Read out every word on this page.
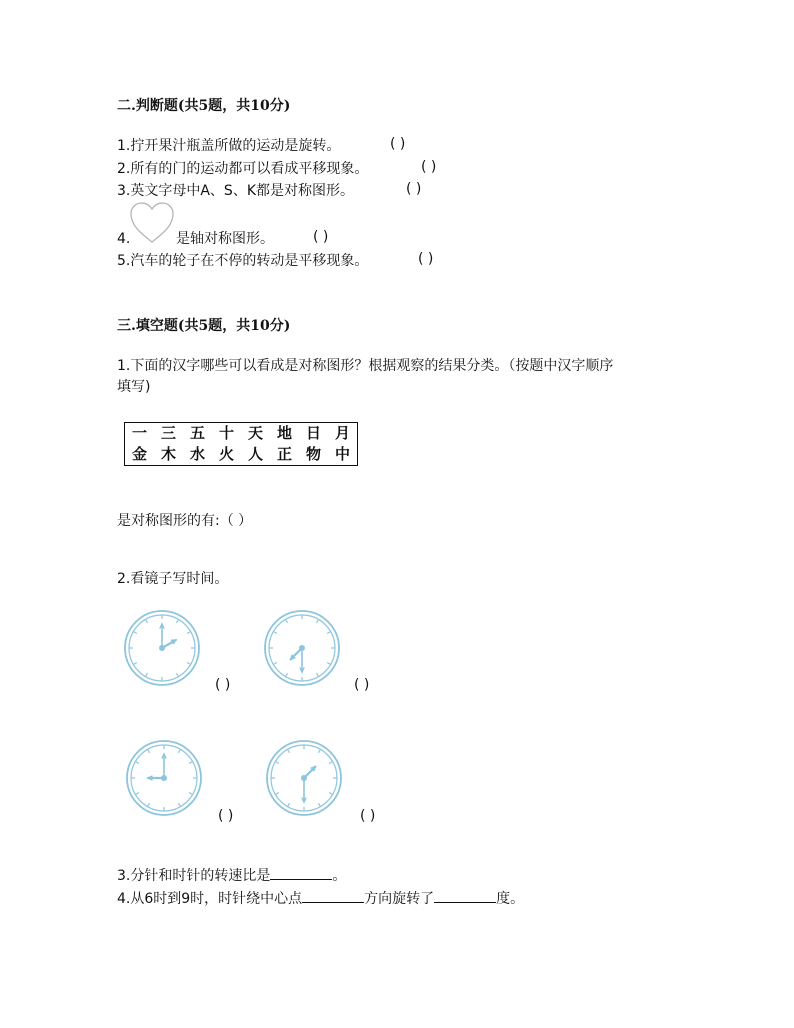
二.判断题(共5题，共10分)
1.拧开果汁瓶盖所做的运动是旋转。	( )
2.所有的门的运动都可以看成平移现象。	( )
3.英文字母中A、S、K都是对称图形。	( )
4.	是轴对称图形。	( )
5.汽车的轮子在不停的转动是平移现象。	( )
三.填空题(共5题，共10分)
1.下面的汉字哪些可以看成是对称图形？根据观察的结果分类。（按题中汉字顺序
填写)
一	三	五	十	天	地	日	月
金	木	水	火	人	正	物	中
是对称图形的有:（ ）
2.看镜子写时间。
( )	( )
( )	( )
3.分针和时针的转速比是	。
4.从6时到9时，时针绕中心点	方向旋转了	度。
